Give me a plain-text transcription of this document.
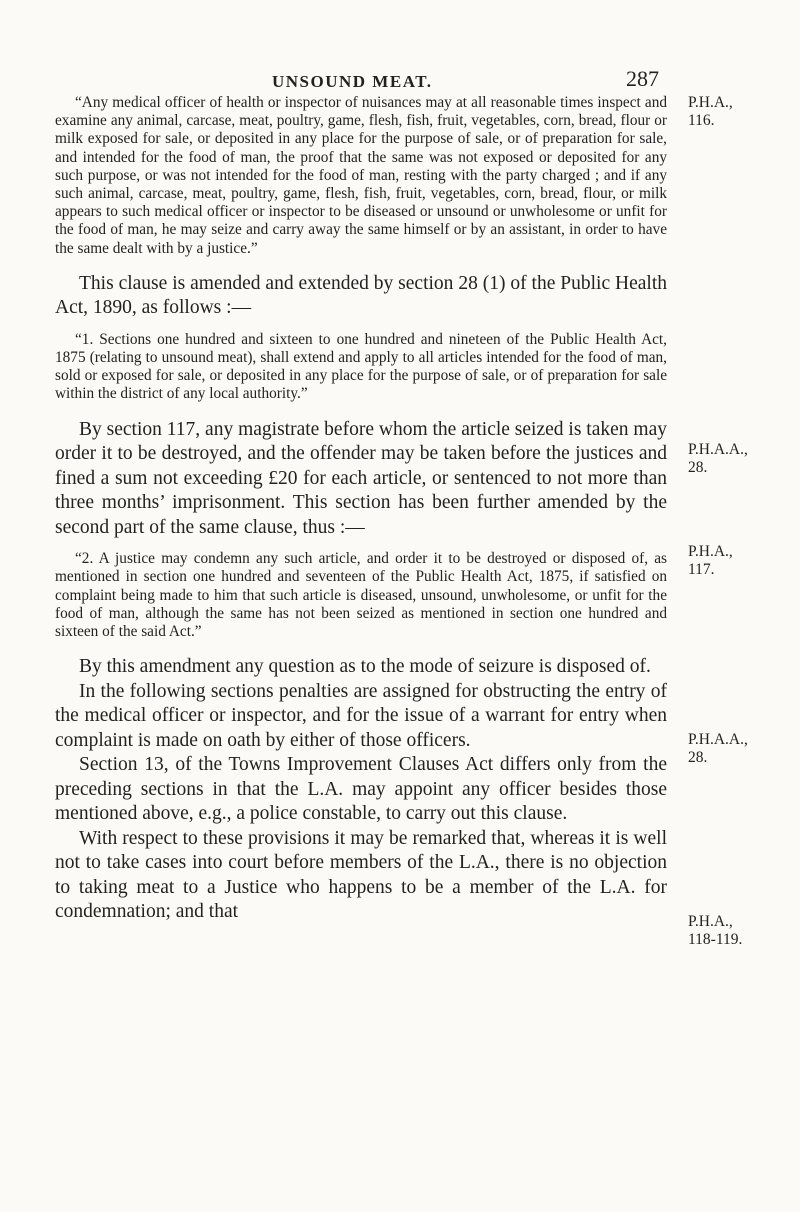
UNSOUND MEAT.	287
P.H.A.,
116.
P.H.A.A.,
28.
P.H.A.,
117.
P.H.A.A.,
28.
P.H.A.,
118-119.

“Any medical officer of health or inspector of nuisances may at all reasonable times inspect and examine any animal, carcase, meat, poultry, game, flesh, fish, fruit, vegetables, corn, bread, flour or milk exposed for sale, or deposited in any place for the purpose of sale, or of preparation for sale, and intended for the food of man, the proof that the same was not exposed or deposited for any such purpose, or was not intended for the food of man, resting with the party charged ; and if any such animal, carcase, meat, poultry, game, flesh, fish, fruit, vegetables, corn, bread, flour, or milk appears to such medical officer or inspector to be diseased or unsound or unwholesome or unfit for the food of man, he may seize and carry away the same himself or by an assistant, in order to have the same dealt with by a justice.”

This clause is amended and extended by section 28 (1) of the Public Health Act, 1890, as follows :—

“1. Sections one hundred and sixteen to one hundred and nineteen of the Public Health Act, 1875 (relating to unsound meat), shall extend and apply to all articles intended for the food of man, sold or exposed for sale, or deposited in any place for the purpose of sale, or of preparation for sale within the district of any local authority.”

By section 117, any magistrate before whom the article seized is taken may order it to be destroyed, and the offender may be taken before the justices and fined a sum not exceeding £20 for each article, or sentenced to not more than three months’ imprisonment. This section has been further amended by the second part of the same clause, thus :—

“2. A justice may condemn any such article, and order it to be destroyed or disposed of, as mentioned in section one hundred and seventeen of the Public Health Act, 1875, if satisfied on complaint being made to him that such article is diseased, unsound, unwholesome, or unfit for the food of man, although the same has not been seized as mentioned in section one hundred and sixteen of the said Act.”

By this amendment any question as to the mode of seizure is disposed of.

In the following sections penalties are assigned for obstructing the entry of the medical officer or inspector, and for the issue of a warrant for entry when complaint is made on oath by either of those officers.

Section 13, of the Towns Improvement Clauses Act differs only from the preceding sections in that the L.A. may appoint any officer besides those mentioned above, e.g., a police constable, to carry out this clause.

With respect to these provisions it may be remarked that, whereas it is well not to take cases into court before members of the L.A., there is no objection to taking meat to a Justice who happens to be a member of the L.A. for condemnation; and that
